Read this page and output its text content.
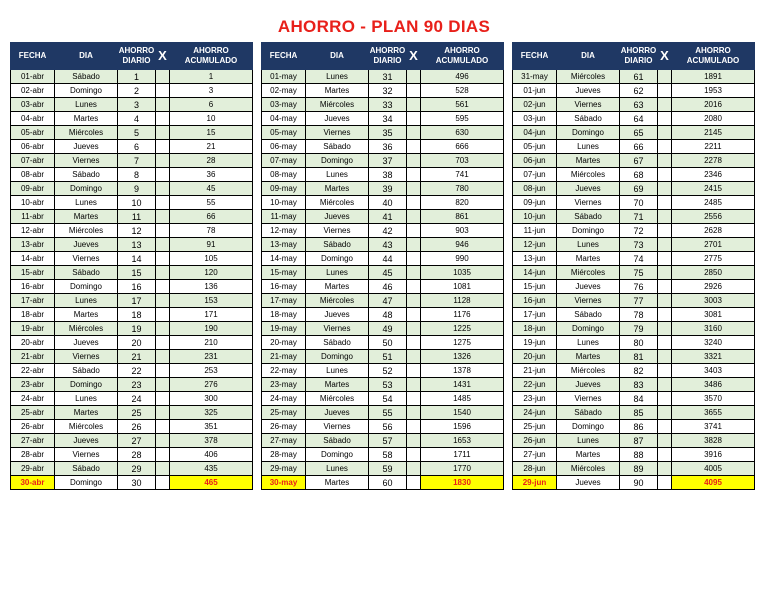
AHORRO - PLAN 90 DIAS
FECHA	DIA	AHORRO
DIARIO	X	AHORRO
ACUMULADO
01-abr	Sábado	1		1
02-abr	Domingo	2		3
03-abr	Lunes	3		6
04-abr	Martes	4		10
05-abr	Miércoles	5		15
06-abr	Jueves	6		21
07-abr	Viernes	7		28
08-abr	Sábado	8		36
09-abr	Domingo	9		45
10-abr	Lunes	10		55
11-abr	Martes	11		66
12-abr	Miércoles	12		78
13-abr	Jueves	13		91
14-abr	Viernes	14		105
15-abr	Sábado	15		120
16-abr	Domingo	16		136
17-abr	Lunes	17		153
18-abr	Martes	18		171
19-abr	Miércoles	19		190
20-abr	Jueves	20		210
21-abr	Viernes	21		231
22-abr	Sábado	22		253
23-abr	Domingo	23		276
24-abr	Lunes	24		300
25-abr	Martes	25		325
26-abr	Miércoles	26		351
27-abr	Jueves	27		378
28-abr	Viernes	28		406
29-abr	Sábado	29		435
30-abr	Domingo	30		465
FECHA	DIA	AHORRO
DIARIO	X	AHORRO
ACUMULADO
01-may	Lunes	31		496
02-may	Martes	32		528
03-may	Miércoles	33		561
04-may	Jueves	34		595
05-may	Viernes	35		630
06-may	Sábado	36		666
07-may	Domingo	37		703
08-may	Lunes	38		741
09-may	Martes	39		780
10-may	Miércoles	40		820
11-may	Jueves	41		861
12-may	Viernes	42		903
13-may	Sábado	43		946
14-may	Domingo	44		990
15-may	Lunes	45		1035
16-may	Martes	46		1081
17-may	Miércoles	47		1128
18-may	Jueves	48		1176
19-may	Viernes	49		1225
20-may	Sábado	50		1275
21-may	Domingo	51		1326
22-may	Lunes	52		1378
23-may	Martes	53		1431
24-may	Miércoles	54		1485
25-may	Jueves	55		1540
26-may	Viernes	56		1596
27-may	Sábado	57		1653
28-may	Domingo	58		1711
29-may	Lunes	59		1770
30-may	Martes	60		1830
FECHA	DIA	AHORRO
DIARIO	X	AHORRO
ACUMULADO
31-may	Miércoles	61		1891
01-jun	Jueves	62		1953
02-jun	Viernes	63		2016
03-jun	Sábado	64		2080
04-jun	Domingo	65		2145
05-jun	Lunes	66		2211
06-jun	Martes	67		2278
07-jun	Miércoles	68		2346
08-jun	Jueves	69		2415
09-jun	Viernes	70		2485
10-jun	Sábado	71		2556
11-jun	Domingo	72		2628
12-jun	Lunes	73		2701
13-jun	Martes	74		2775
14-jun	Miércoles	75		2850
15-jun	Jueves	76		2926
16-jun	Viernes	77		3003
17-jun	Sábado	78		3081
18-jun	Domingo	79		3160
19-jun	Lunes	80		3240
20-jun	Martes	81		3321
21-jun	Miércoles	82		3403
22-jun	Jueves	83		3486
23-jun	Viernes	84		3570
24-jun	Sábado	85		3655
25-jun	Domingo	86		3741
26-jun	Lunes	87		3828
27-jun	Martes	88		3916
28-jun	Miércoles	89		4005
29-jun	Jueves	90		4095
